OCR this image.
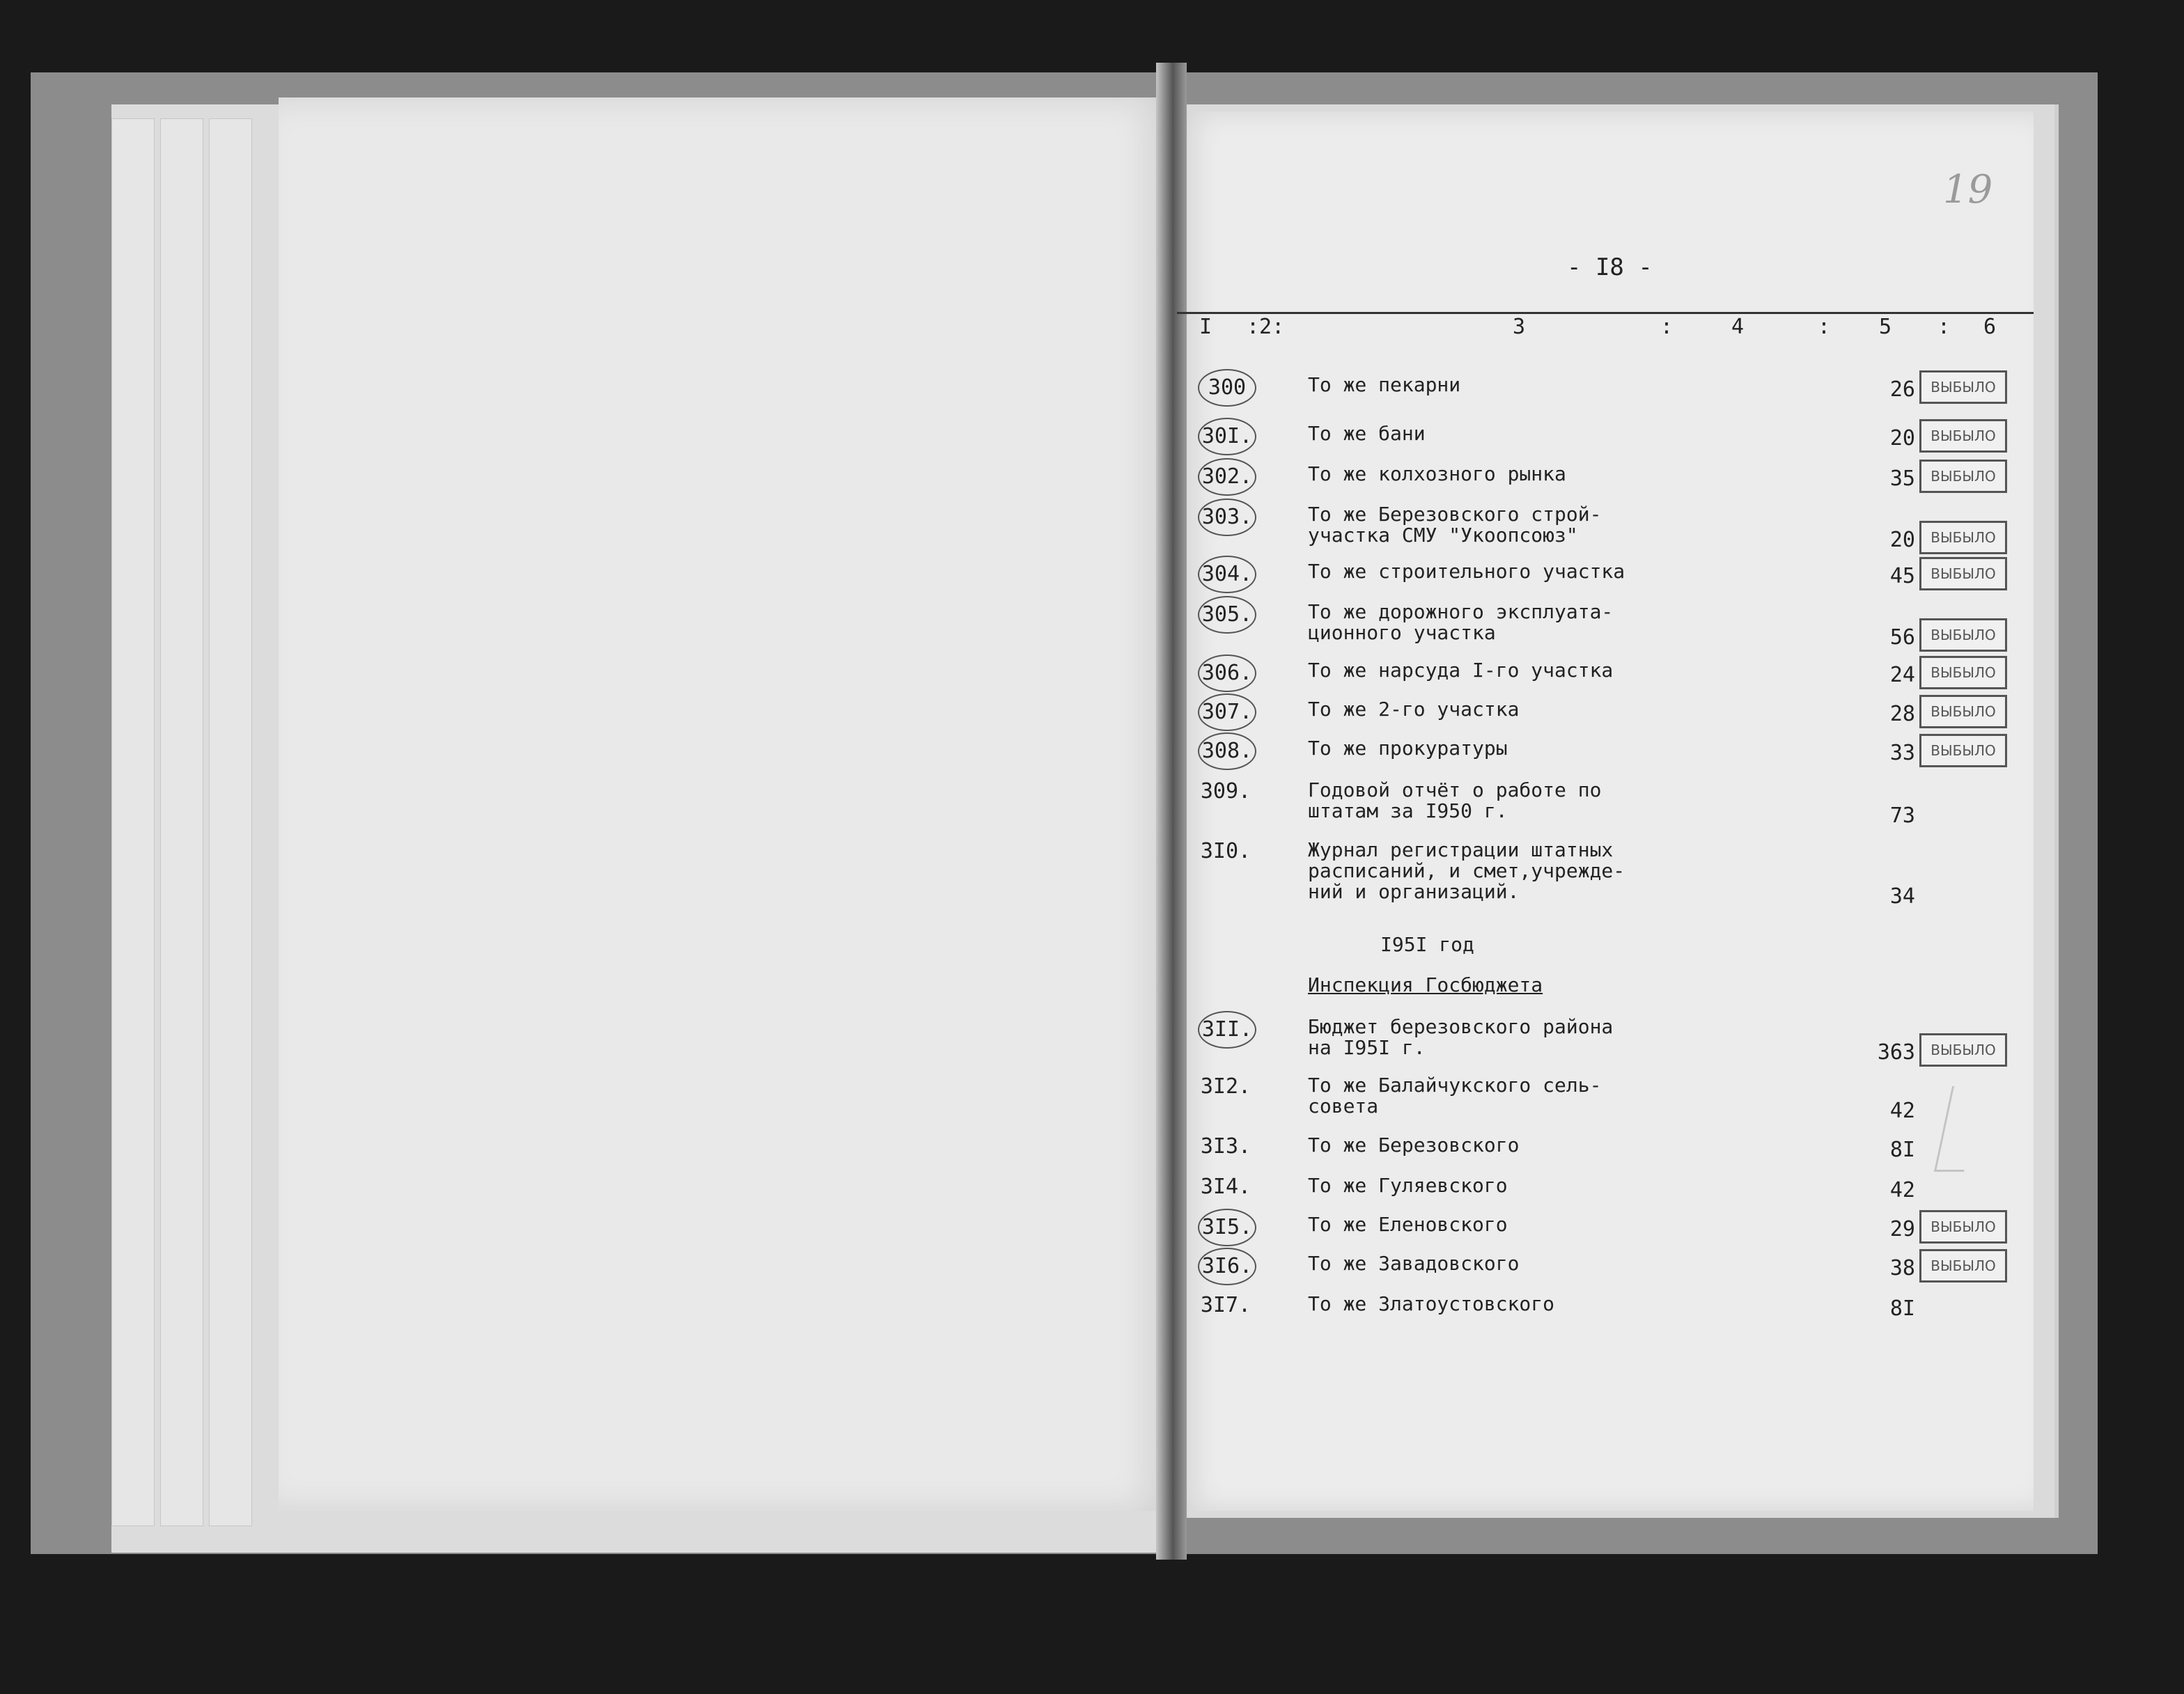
19
- I8 -
I :2:	3	:	4	: 5 : 6
300	То же пекарни	26	ВЫБЫЛО
30I.	То же бани	20	ВЫБЫЛО
302.	То же колхозного рынка	35	ВЫБЫЛО
303.	То же Березовского строй-
участка СМУ "Укоопсоюз"	20	ВЫБЫЛО
304.	То же строительного участка	45	ВЫБЫЛО
305.	То же дорожного эксплуата-
ционного участка	56	ВЫБЫЛО
306.	То же нарсуда I-го участка	24	ВЫБЫЛО
307.	То же 2-го участка	28	ВЫБЫЛО
308.	То же прокуратуры	33	ВЫБЫЛО
309.	Годовой отчёт о работе по
штатам за I950 г.	73
3I0.	Журнал регистрации штатных
расписаний, и смет,учрежде-
ний и организаций.	34
I95I год
Инспекция Госбюджета
3II.	Бюджет березовского района
на I95I г.	363	ВЫБЫЛО
3I2.	То же Балайчукского сель-
совета	42
3I3.	То же Березовского	8I
3I4.	То же Гуляевского	42
3I5.	То же Еленовского	29	ВЫБЫЛО
3I6.	То же Завадовского	38	ВЫБЫЛО
3I7.	То же Златоустовского	8I
